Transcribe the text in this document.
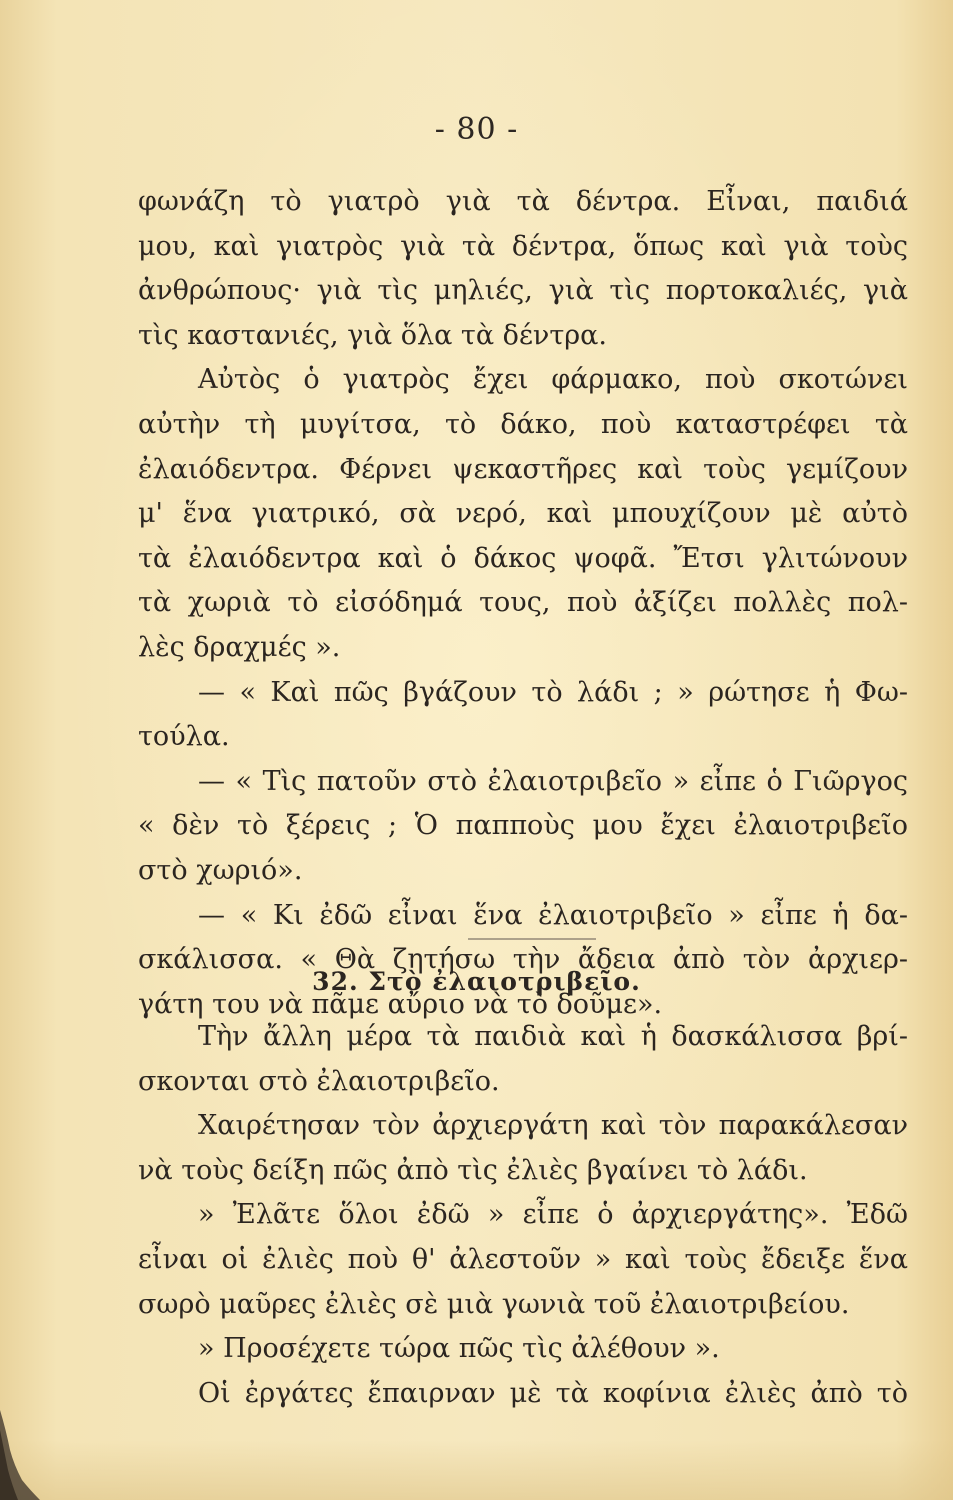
- 80 -
φωνάζη τὸ γιατρὸ γιὰ τὰ δέντρα. Εἶναι, παιδιά
μου, καὶ γιατρὸς γιὰ τὰ δέντρα, ὅπως καὶ γιὰ τοὺς
ἀνθρώπους· γιὰ τὶς μηλιές, γιὰ τὶς πορτοκαλιές, γιὰ
τὶς καστανιές, γιὰ ὅλα τὰ δέντρα.
Αὐτὸς ὁ γιατρὸς ἔχει φάρμακο, ποὺ σκοτώνει
αὐτὴν τὴ μυγίτσα, τὸ δάκο, ποὺ καταστρέφει τὰ
ἐλαιόδεντρα. Φέρνει ψεκαστῆρες καὶ τοὺς γεμίζουν
μ' ἕνα γιατρικό, σὰ νερό, καὶ μπουχίζουν μὲ αὐτὸ
τὰ ἐλαιόδεντρα καὶ ὁ δάκος ψοφᾶ. Ἔτσι γλιτώνουν
τὰ χωριὰ τὸ εἰσόδημά τους, ποὺ ἀξίζει πολλὲς πολ-
λὲς δραχμές ».
— « Καὶ πῶς βγάζουν τὸ λάδι ; » ρώτησε ἡ Φω-
τούλα.
— « Τὶς πατοῦν στὸ ἐλαιοτριβεῖο » εἶπε ὁ Γιῶργος
« δὲν τὸ ξέρεις ; Ὁ παπποὺς μου ἔχει ἐλαιοτριβεῖο
στὸ χωριό».
— « Κι ἐδῶ εἶναι ἕνα ἐλαιοτριβεῖο » εἶπε ἡ δα-
σκάλισσα. « Θὰ ζητήσω τὴν ἄδεια ἀπὸ τὸν ἀρχιερ-
γάτη του νὰ πᾶμε αὔριο νὰ τὸ δοῦμε».
32. Στὸ ἐλαιοτριβεῖο.
Τὴν ἄλλη μέρα τὰ παιδιὰ καὶ ἡ δασκάλισσα βρί-
σκονται στὸ ἐλαιοτριβεῖο.
Χαιρέτησαν τὸν ἀρχιεργάτη καὶ τὸν παρακάλεσαν
νὰ τοὺς δείξη πῶς ἀπὸ τὶς ἐλιὲς βγαίνει τὸ λάδι.
» Ἐλᾶτε ὅλοι ἐδῶ » εἶπε ὁ ἀρχιεργάτης». Ἐδῶ
εἶναι οἱ ἐλιὲς ποὺ θ' ἀλεστοῦν » καὶ τοὺς ἔδειξε ἕνα
σωρὸ μαῦρες ἐλιὲς σὲ μιὰ γωνιὰ τοῦ ἐλαιοτριβείου.
» Προσέχετε τώρα πῶς τὶς ἀλέθουν ».
Οἱ ἐργάτες ἔπαιρναν μὲ τὰ κοφίνια ἐλιὲς ἀπὸ τὸ
